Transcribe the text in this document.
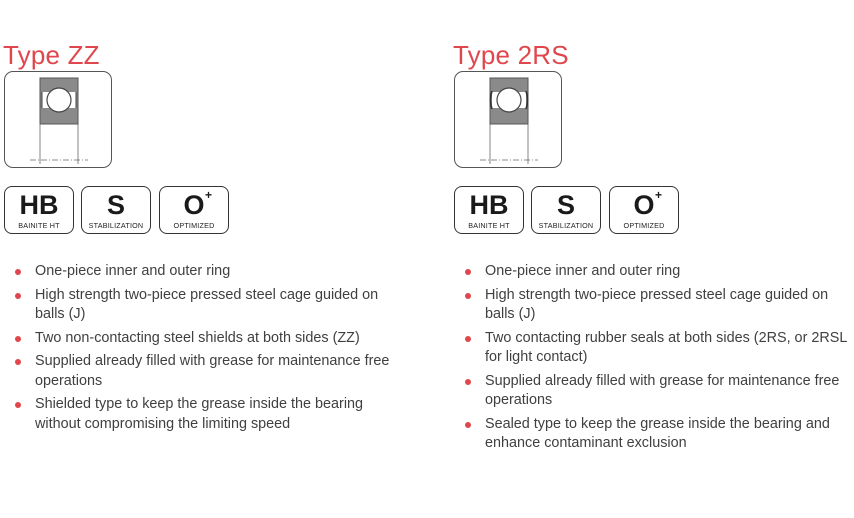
Type ZZ
HB
BAINITE HT
S
STABILIZATION
O +
OPTIMIZED
One-piece inner and outer ring
High strength two-piece pressed steel cage guided on balls (J)
Two non-contacting steel shields at both sides (ZZ)
Supplied already filled with grease for maintenance free operations
Shielded type to keep the grease inside the bearing without compromising the limiting speed
Type 2RS
HB
BAINITE HT
S
STABILIZATION
O +
OPTIMIZED
One-piece inner and outer ring
High strength two-piece pressed steel cage guided on balls (J)
Two contacting rubber seals at both sides (2RS, or 2RSL for light contact)
Supplied already filled with grease for maintenance free operations
Sealed type to keep the grease inside the bearing and enhance contaminant exclusion
